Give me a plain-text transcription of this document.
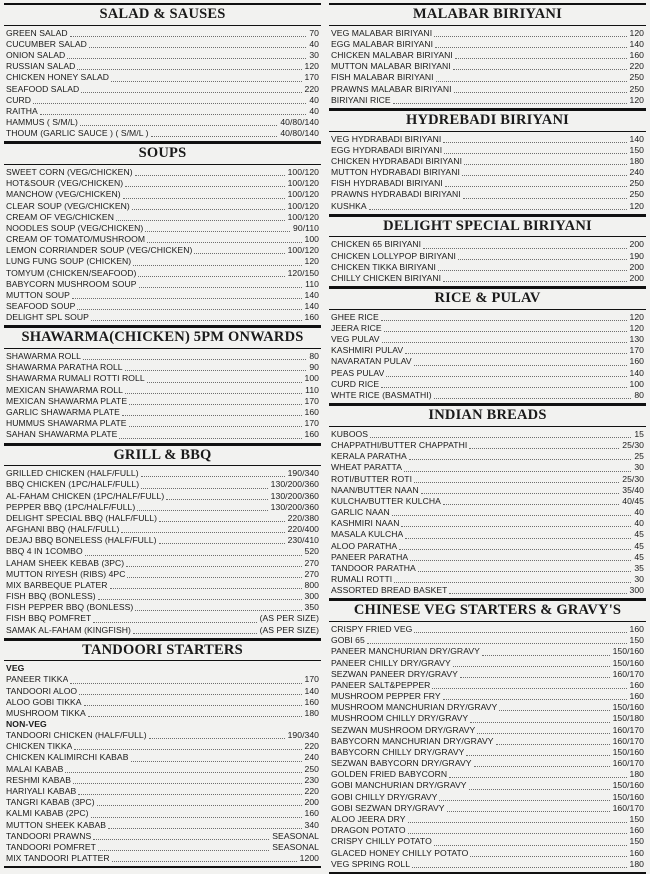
SALAD & SAUSES
GREEN SALAD	70
CUCUMBER SALAD	40
ONION SALAD	30
RUSSIAN SALAD	120
CHICKEN HONEY SALAD	170
SEAFOOD SALAD	220
CURD	40
RAITHA	40
HAMMUS ( S/M/L)	40/80/140
THOUM (GARLIC SAUCE ) ( S/M/L )	40/80/140
SOUPS
SWEET CORN (VEG/CHICKEN)	100/120
HOT&SOUR (VEG/CHICKEN)	100/120
MANCHOW (VEG/CHICKEN)	100/120
CLEAR SOUP (VEG/CHICKEN)	100/120
CREAM OF VEG/CHICKEN	100/120
NOODLES SOUP (VEG/CHICKEN)	90/110
CREAM OF TOMATO/MUSHROOM	100
LEMON CORRIANDER SOUP (VEG/CHICKEN)	100/120
LUNG FUNG SOUP (CHICKEN)	120
TOMYUM (CHICKEN/SEAFOOD)	120/150
BABYCORN MUSHROOM SOUP	110
MUTTON SOUP	140
SEAFOOD SOUP	140
DELIGHT SPL SOUP	160
SHAWARMA(CHICKEN) 5PM ONWARDS
SHAWARMA ROLL	80
SHAWARMA PARATHA ROLL	90
SHAWARMA RUMALI ROTTI ROLL	100
MEXICAN SHAWARMA ROLL	110
MEXICAN SHAWARMA PLATE	170
GARLIC SHAWARMA PLATE	160
HUMMUS SHAWARMA PLATE	170
SAHAN SHAWARMA PLATE	160
GRILL & BBQ
GRILLED CHICKEN (HALF/FULL)	190/340
BBQ CHICKEN (1PC/HALF/FULL)	130/200/360
AL-FAHAM CHICKEN (1PC/HALF/FULL)	130/200/360
PEPPER BBQ (1PC/HALF/FULL)	130/200/360
DELIGHT SPECIAL BBQ (HALF/FULL)	220/380
AFGHANI BBQ (HALF/FULL)	220/400
DEJAJ BBQ BONELESS (HALF/FULL)	230/410
BBQ 4 IN 1COMBO	520
LAHAM SHEEK KEBAB (3PC)	270
MUTTON RIYESH (RIBS) 4PC	270
MIX BARBEQUE PLATER	800
FISH BBQ (BONLESS)	300
FISH PEPPER BBQ (BONLESS)	350
FISH BBQ POMFRET	(AS PER SIZE)
SAMAK AL-FAHAM (KINGFISH)	(AS PER SIZE)
TANDOORI STARTERS
VEG
PANEER TIKKA	170
TANDOORI ALOO	140
ALOO GOBI TIKKA	160
MUSHROOM TIKKA	180
NON-VEG
TANDOORI CHICKEN (HALF/FULL)	190/340
CHICKEN TIKKA	220
CHICKEN KALIMIRCHI KABAB	240
MALAI KABAB	250
RESHMI KABAB	230
HARIYALI KABAB	220
TANGRI KABAB (3PC)	200
KALMI KABAB (2PC)	160
MUTTON SHEEK KABAB	340
TANDOORI PRAWNS	SEASONAL
TANDOORI POMFRET	SEASONAL
MIX TANDOORI PLATTER	1200
MALABAR BIRIYANI
VEG MALABAR BIRIYANI	120
EGG MALABAR BIRIYANI	140
CHICKEN MALABAR BIRIYANI	160
MUTTON MALABAR BIRIYANI	220
FISH MALABAR BIRIYANI	250
PRAWNS MALABAR BIRIYANI	250
BIRIYANI RICE	120
HYDREBADI BIRIYANI
VEG HYDRABADI BIRIYANI	140
EGG HYDRABADI BIRIYANI	150
CHICKEN HYDRABADI BIRIYANI	180
MUTTON HYDRABADI BIRIYANI	240
FISH HYDRABADI BIRIYANI	250
PRAWNS HYDRABADI BIRIYANI	250
KUSHKA	120
DELIGHT SPECIAL BIRIYANI
CHICKEN 65 BIRIYANI	200
CHICKEN LOLLYPOP BIRIYANI	190
CHICKEN TIKKA BIRIYANI	200
CHILLY CHICKEN BIRIYANI	200
RICE & PULAV
GHEE RICE	120
JEERA RICE	120
VEG PULAV	130
KASHMIRI PULAV	170
NAVARATAN PULAV	160
PEAS PULAV	140
CURD RICE	100
WHTE RICE (BASMATHI)	80
INDIAN BREADS
KUBOOS	15
CHAPPATHI/BUTTER CHAPPATHI	25/30
KERALA PARATHA	25
WHEAT PARATTA	30
ROTI/BUTTER ROTI	25/30
NAAN/BUTTER NAAN	35/40
KULCHA/BUTTER KULCHA	40/45
GARLIC NAAN	40
KASHMIRI NAAN	40
MASALA KULCHA	45
ALOO PARATHA	45
PANEER PARATHA	45
TANDOOR PARATHA	35
RUMALI ROTTI	30
ASSORTED BREAD BASKET	300
CHINESE VEG STARTERS & GRAVY'S
CRISPY FRIED VEG	160
GOBI 65	150
PANEER MANCHURIAN DRY/GRAVY	150/160
PANEER CHILLY DRY/GRAVY	150/160
SEZWAN PANEER DRY/GRAVY	160/170
PANEER SALT&PEPPER	160
MUSHROOM PEPPER FRY	160
MUSHROOM MANCHURIAN DRY/GRAVY	150/160
MUSHROOM CHILLY DRY/GRAVY	150/180
SEZWAN MUSHROOM DRY/GRAVY	160/170
BABYCORN MANCHURIAN DRY/GRAVY	160/170
BABYCORN CHILLY DRY/GRAVY	150/160
SEZWAN BABYCORN DRY/GRAVY	160/170
GOLDEN FRIED BABYCORN	180
GOBI MANCHURIAN DRY/GRAVY	150/160
GOBI CHILLY DRY/GRAVY	150/160
GOBI SEZWAN DRY/GRAVY	160/170
ALOO JEERA DRY	150
DRAGON POTATO	160
CRISPY CHILLY POTATO	150
GLACED HONEY CHILLY POTATO	160
VEG SPRING ROLL	180
